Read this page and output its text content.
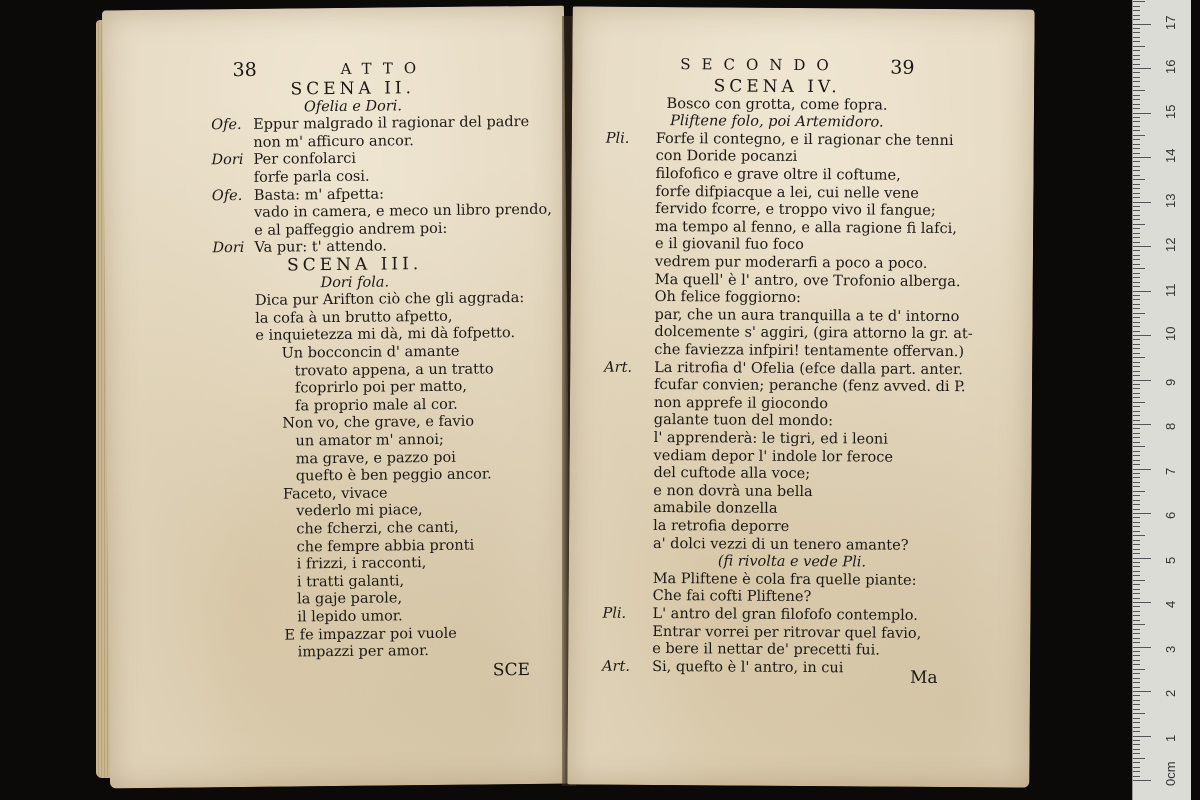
38	ATTO
SCE
SCENA II.
Ofelia e Dori.
Ofe. Eppur malgrado il ragionar del padre
non m' afficuro ancor.
Dori Per confolarci
forfe parla cosi.
Ofe. Basta: m' afpetta:
vado in camera, e meco un libro prendo,
e al paffeggio andrem poi:
Dori Va pur: t' attendo.
SCENA III.
Dori fola.
Dica pur Arifton ciò che gli aggrada:
la cofa à un brutto afpetto,
e inquietezza mi dà, mi dà fofpetto.
Un bocconcin d' amante
trovato appena, a un tratto
fcoprirlo poi per matto,
fa proprio male al cor.
Non vo, che grave, e favio
un amator m' annoi;
ma grave, e pazzo poi
quefto è ben peggio ancor.
Faceto, vivace
vederlo mi piace,
che fcherzi, che canti,
che fempre abbia pronti
i frizzi, i racconti,
i tratti galanti,
la gaje parole,
il lepido umor.
E fe impazzar poi vuole
impazzi per amor.
SECONDO	39
Ma
SCENA IV.
Bosco con grotta, come fopra.
Pliftene folo, poi Artemidoro.
Pli. Forfe il contegno, e il ragionar che tenni
con Doride pocanzi
filofofico e grave oltre il coftume,
forfe difpiacque a lei, cui nelle vene
fervido fcorre, e troppo vivo il fangue;
ma tempo al fenno, e alla ragione fi lafci,
e il giovanil fuo foco
vedrem pur moderarfi a poco a poco.
Ma quell' è l' antro, ove Trofonio alberga.
Oh felice foggiorno:
par, che un aura tranquilla a te d' intorno
dolcemente s' aggiri, (gira attorno la gr. at-
che faviezza infpiri! tentamente offervan.)
Art. La ritrofia d' Ofelia (efce dalla part. anter.
fcufar convien; peranche (fenz avved. di P.
non apprefe il giocondo
galante tuon del mondo:
l' apprenderà: le tigri, ed i leoni
vediam depor l' indole lor feroce
del cuftode alla voce;
e non dovrà una bella
amabile donzella
la retrofia deporre
a' dolci vezzi di un tenero amante?
(fi rivolta e vede Pli.
Ma Pliftene è cola fra quelle piante:
Che fai cofti Pliftene?
Pli. L' antro del gran filofofo contemplo.
Entrar vorrei per ritrovar quel favio,
e bere il nettar de' precetti fui.
Art. Si, quefto è l' antro, in cui
0cm
1
2
3
4
5
6
7
8
9
10
11
12
13
14
15
16
17
